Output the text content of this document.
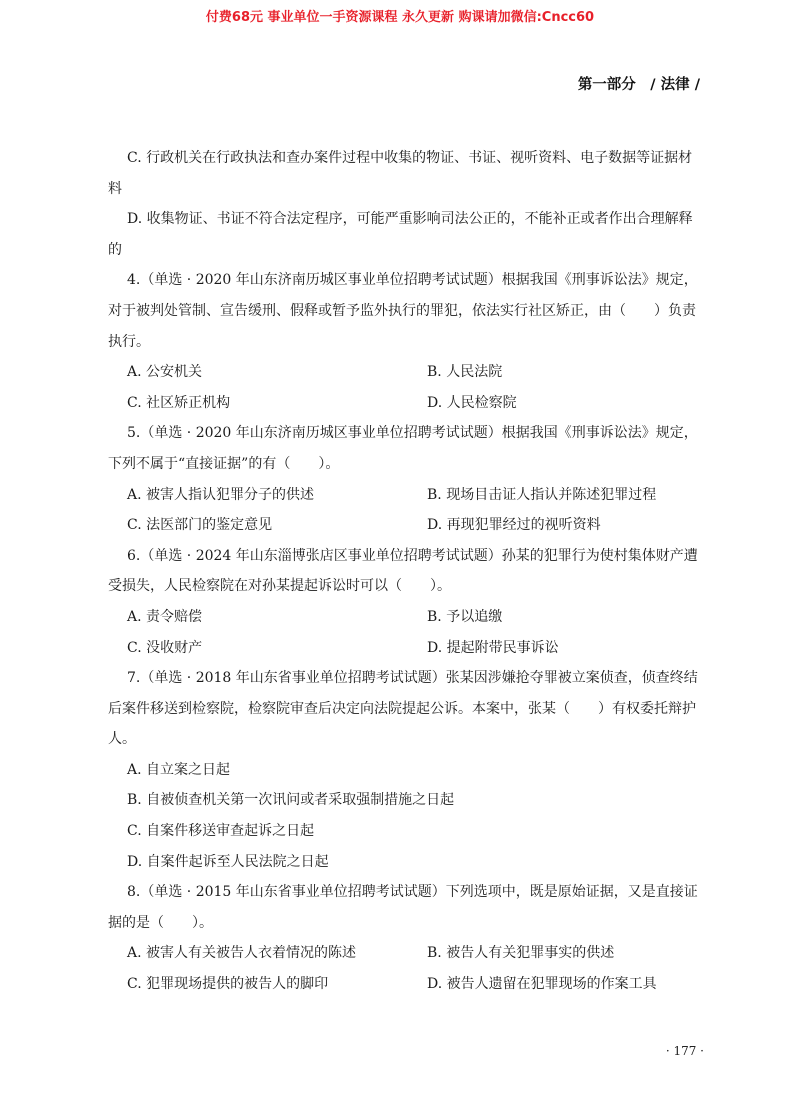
付费68元 事业单位一手资源课程 永久更新 购课请加微信:Cncc60
第一部分　/ 法律 /

C. 行政机关在行政执法和查办案件过程中收集的物证、书证、视听资料、电子数据等证据材料

D. 收集物证、书证不符合法定程序，可能严重影响司法公正的，不能补正或者作出合理解释的

4.（单选 · 2020 年山东济南历城区事业单位招聘考试试题）根据我国《刑事诉讼法》规定，对于被判处管制、宣告缓刑、假释或暂予监外执行的罪犯，依法实行社区矫正，由（　　）负责执行。

A. 公安机关	B. 人民法院
C. 社区矫正机构	D. 人民检察院

5.（单选 · 2020 年山东济南历城区事业单位招聘考试试题）根据我国《刑事诉讼法》规定，下列不属于“直接证据”的有（　　）。

A. 被害人指认犯罪分子的供述	B. 现场目击证人指认并陈述犯罪过程
C. 法医部门的鉴定意见	D. 再现犯罪经过的视听资料

6.（单选 · 2024 年山东淄博张店区事业单位招聘考试试题）孙某的犯罪行为使村集体财产遭受损失，人民检察院在对孙某提起诉讼时可以（　　）。

A. 责令赔偿	B. 予以追缴
C. 没收财产	D. 提起附带民事诉讼

7.（单选 · 2018 年山东省事业单位招聘考试试题）张某因涉嫌抢夺罪被立案侦查，侦查终结后案件移送到检察院，检察院审查后决定向法院提起公诉。本案中，张某（　　）有权委托辩护人。

A. 自立案之日起

B. 自被侦查机关第一次讯问或者采取强制措施之日起

C. 自案件移送审查起诉之日起

D. 自案件起诉至人民法院之日起

8.（单选 · 2015 年山东省事业单位招聘考试试题）下列选项中，既是原始证据，又是直接证据的是（　　）。

A. 被害人有关被告人衣着情况的陈述	B. 被告人有关犯罪事实的供述
C. 犯罪现场提供的被告人的脚印	D. 被告人遗留在犯罪现场的作案工具
· 177 ·
